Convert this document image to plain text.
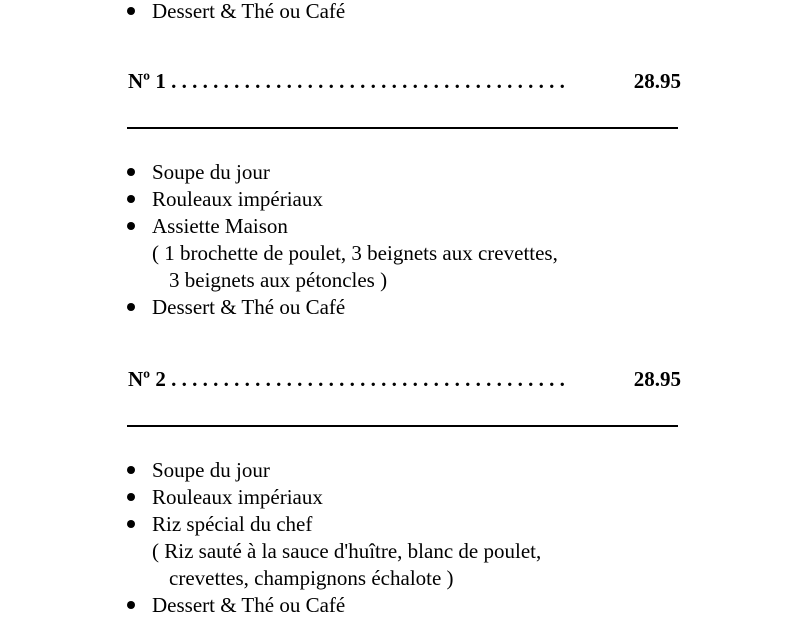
Dessert & Thé ou Café
Nº 1 . . . . . . . . . . . . . . . . . . . . . . . . . . . . . . . . . . . . . .	28.95
Soupe du jour
Rouleaux impériaux
Assiette Maison
( 1 brochette de poulet, 3 beignets aux crevettes,
3 beignets aux pétoncles )
Dessert & Thé ou Café
Nº 2 . . . . . . . . . . . . . . . . . . . . . . . . . . . . . . . . . . . . . .	28.95
Soupe du jour
Rouleaux impériaux
Riz spécial du chef
( Riz sauté à la sauce d'huître, blanc de poulet,
crevettes, champignons échalote )
Dessert & Thé ou Café
